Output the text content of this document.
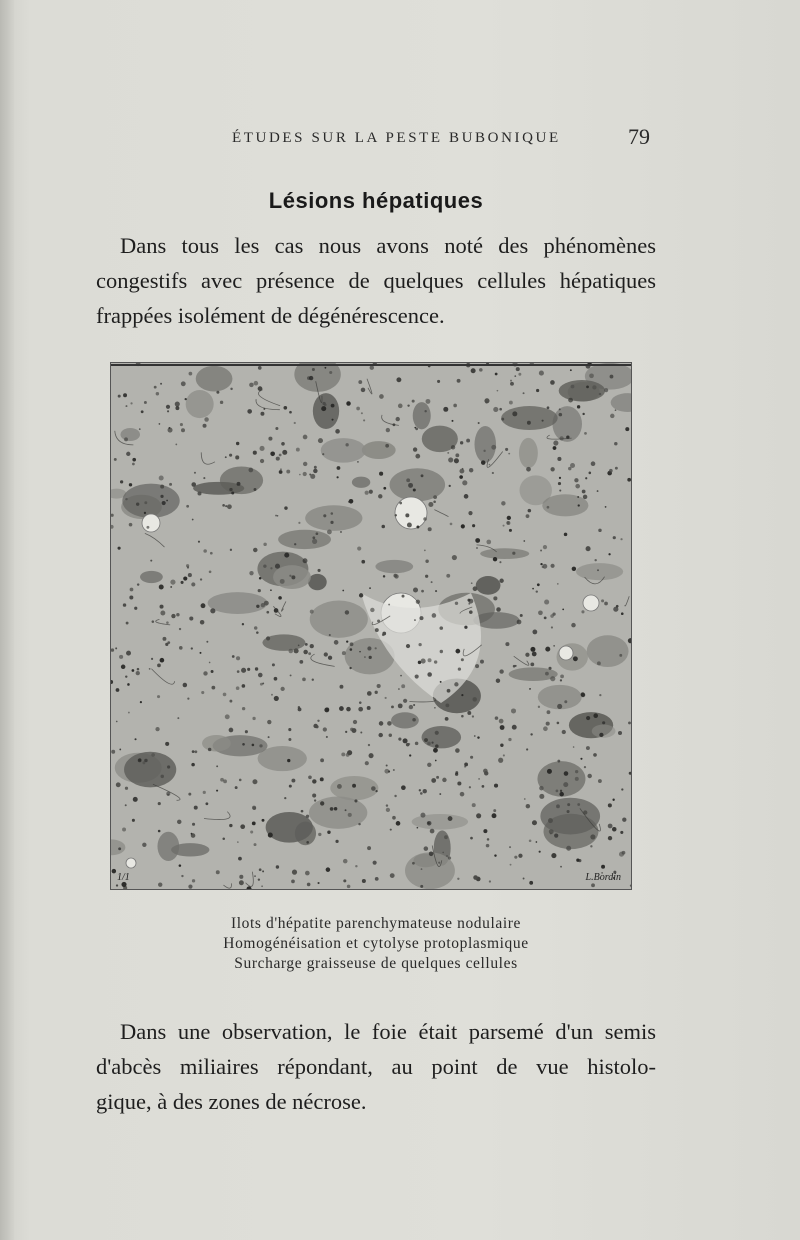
ÉTUDES SUR LA PESTE BUBONIQUE	79
Lésions hépatiques
Dans tous les cas nous avons noté des phénomènes
congestifs avec présence de quelques cellules hépatiques
frappées isolément de dégénérescence.
1/1	L.Bordin
Ilots d'hépatite parenchymateuse nodulaire
Homogénéisation et cytolyse protoplasmique
Surcharge graisseuse de quelques cellules
Dans une observation, le foie était parsemé d'un semis
d'abcès miliaires répondant, au point de vue histolo-
gique, à des zones de nécrose.
